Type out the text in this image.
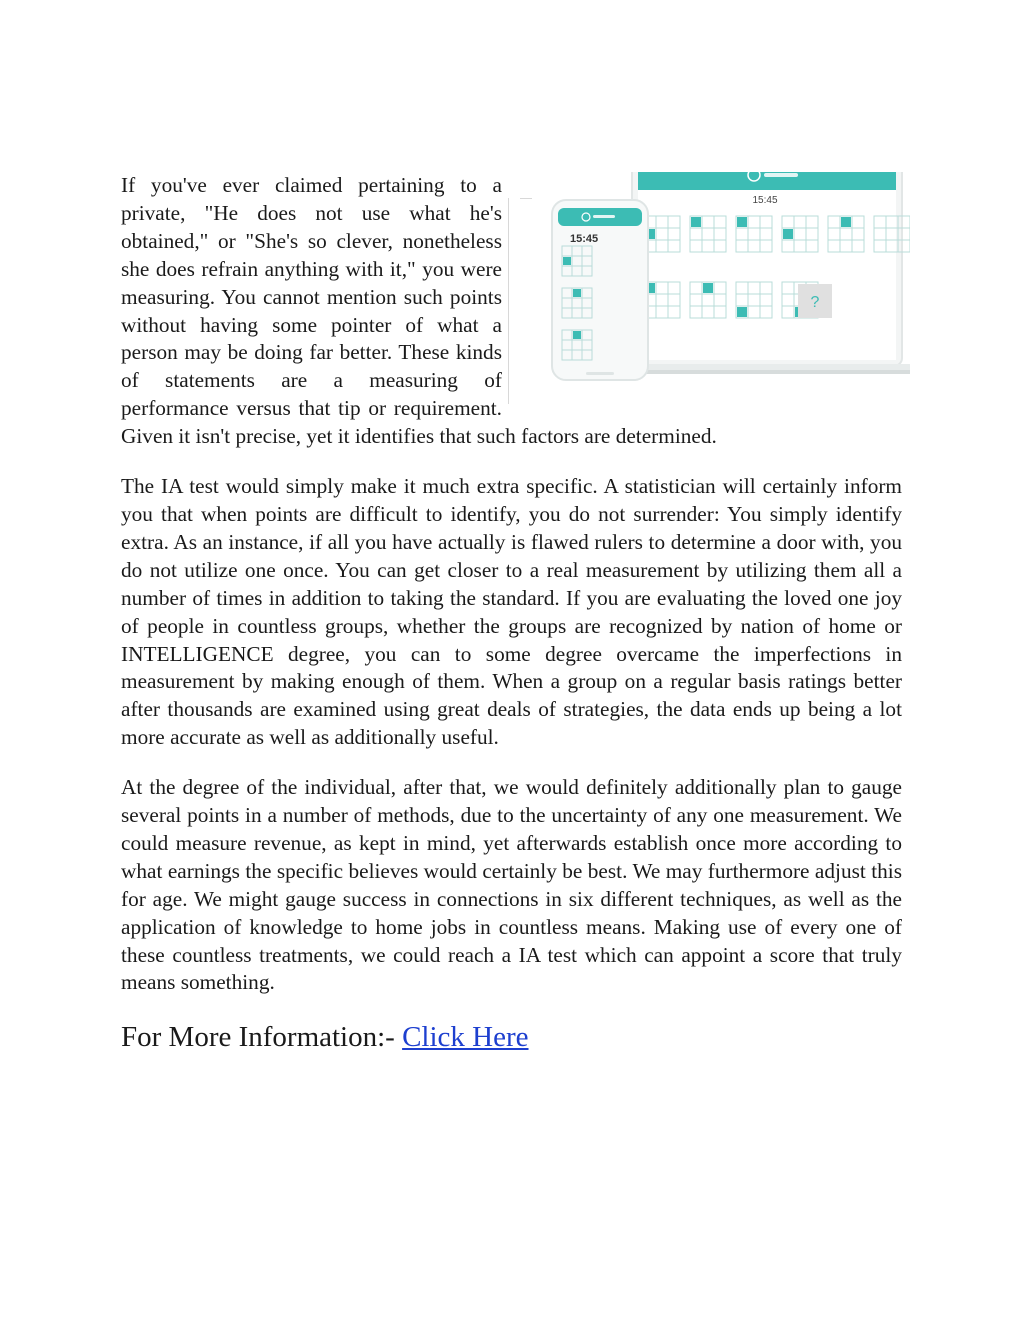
15:45
?
15:45

If you've ever claimed pertaining to a private, "He does not use what he's obtained," or "She's so clever, nonetheless she does refrain anything with it," you were measuring. You cannot mention such points without having some pointer of what a person may be doing far better. These kinds of statements are a measuring of performance versus that tip or requirement. Given it isn't precise, yet it identifies that such factors are determined.

The IA test would simply make it much extra specific. A statistician will certainly inform you that when points are difficult to identify, you do not surrender: You simply identify extra. As an instance, if all you have actually is flawed rulers to determine a door with, you do not utilize one once. You can get closer to a real measurement by utilizing them all a number of times in addition to taking the standard. If you are evaluating the loved one joy of people in countless groups, whether the groups are recognized by nation of home or INTELLIGENCE degree, you can to some degree overcame the imperfections in measurement by making enough of them. When a group on a regular basis ratings better after thousands are examined using great deals of strategies, the data ends up being a lot more accurate as well as additionally useful.

At the degree of the individual, after that, we would definitely additionally plan to gauge several points in a number of methods, due to the uncertainty of any one measurement. We could measure revenue, as kept in mind, yet afterwards establish once more according to what earnings the specific believes would certainly be best. We may furthermore adjust this for age. We might gauge success in connections in six different techniques, as well as the application of knowledge to home jobs in countless means. Making use of every one of these countless treatments, we could reach a IA test which can appoint a score that truly means something.

For More Information:- Click Here
